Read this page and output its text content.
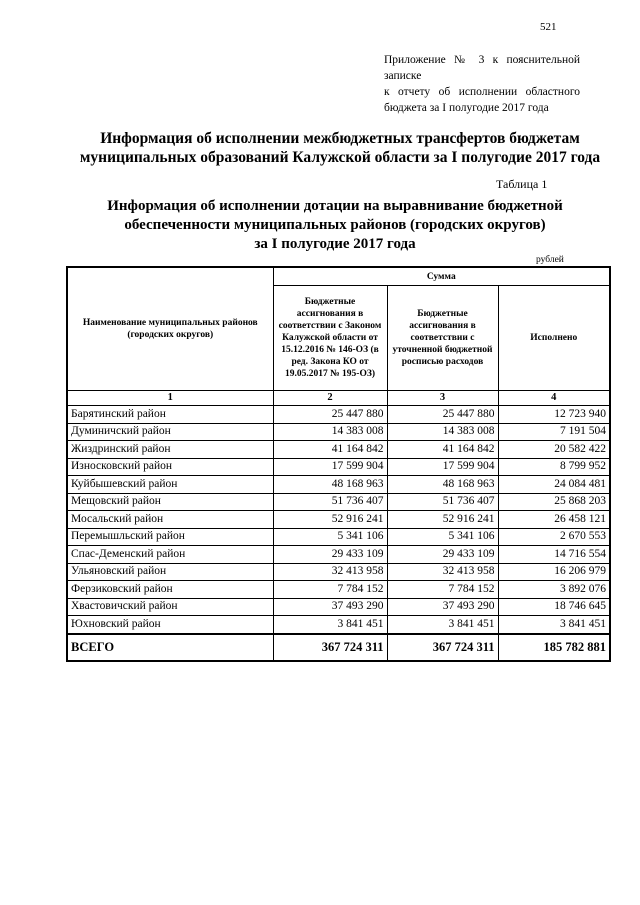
521
Приложение № 3 к пояснительной записке
к отчету об исполнении областного
бюджета за I полугодие 2017 года
Информация об исполнении межбюджетных трансфертов бюджетам
муниципальных образований Калужской области за I полугодие 2017 года
Таблица 1
Информация об исполнении дотации на выравнивание бюджетной
обеспеченности муниципальных районов (городских округов)
за I полугодие 2017 года
рублей
Наименование муниципальных районов (городских округов)	Сумма		
	Бюджетные ассигнования в соответствии с Законом Калужской области от 15.12.2016 № 146-ОЗ (в ред. Закона КО от 19.05.2017 № 195-ОЗ)	Бюджетные ассигнования в соответствии с уточненной бюджетной росписью расходов	Исполнено
1	2	3	4
Барятинский район	25 447 880	25 447 880	12 723 940
Думиничский район	14 383 008	14 383 008	7 191 504
Жиздринский район	41 164 842	41 164 842	20 582 422
Износковский район	17 599 904	17 599 904	8 799 952
Куйбышевский район	48 168 963	48 168 963	24 084 481
Мещовский район	51 736 407	51 736 407	25 868 203
Мосальский район	52 916 241	52 916 241	26 458 121
Перемышльский район	5 341 106	5 341 106	2 670 553
Спас-Деменский район	29 433 109	29 433 109	14 716 554
Ульяновский район	32 413 958	32 413 958	16 206 979
Ферзиковский район	7 784 152	7 784 152	3 892 076
Хвастовичский район	37 493 290	37 493 290	18 746 645
Юхновский район	3 841 451	3 841 451	3 841 451
ВСЕГО	367 724 311	367 724 311	185 782 881
